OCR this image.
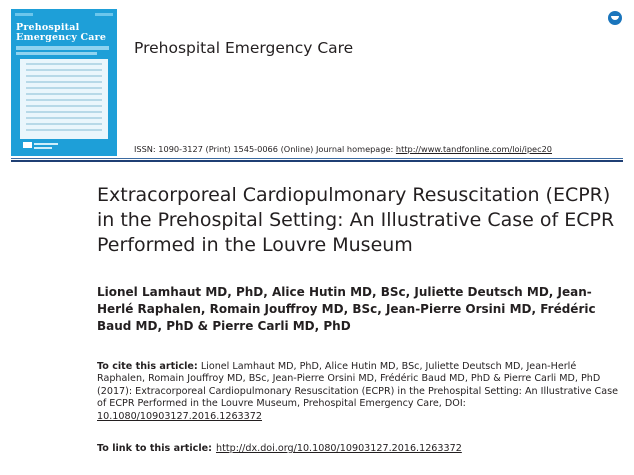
Prehospital
Emergency Care
Prehospital Emergency Care
ISSN: 1090-3127 (Print) 1545-0066 (Online) Journal homepage: http://www.tandfonline.com/loi/ipec20
Extracorporeal Cardiopulmonary Resuscitation (ECPR) in the Prehospital Setting: An Illustrative Case of ECPR Performed in the Louvre Museum
Lionel Lamhaut MD, PhD, Alice Hutin MD, BSc, Juliette Deutsch MD, Jean-Herlé Raphalen, Romain Jouffroy MD, BSc, Jean-Pierre Orsini MD, Frédéric Baud MD, PhD & Pierre Carli MD, PhD
To cite this article: Lionel Lamhaut MD, PhD, Alice Hutin MD, BSc, Juliette Deutsch MD, Jean-Herlé Raphalen, Romain Jouffroy MD, BSc, Jean-Pierre Orsini MD, Frédéric Baud MD, PhD & Pierre Carli MD, PhD (2017): Extracorporeal Cardiopulmonary Resuscitation (ECPR) in the Prehospital Setting: An Illustrative Case of ECPR Performed in the Louvre Museum, Prehospital Emergency Care, DOI: 10.1080/10903127.2016.1263372
To link to this article: http://dx.doi.org/10.1080/10903127.2016.1263372
